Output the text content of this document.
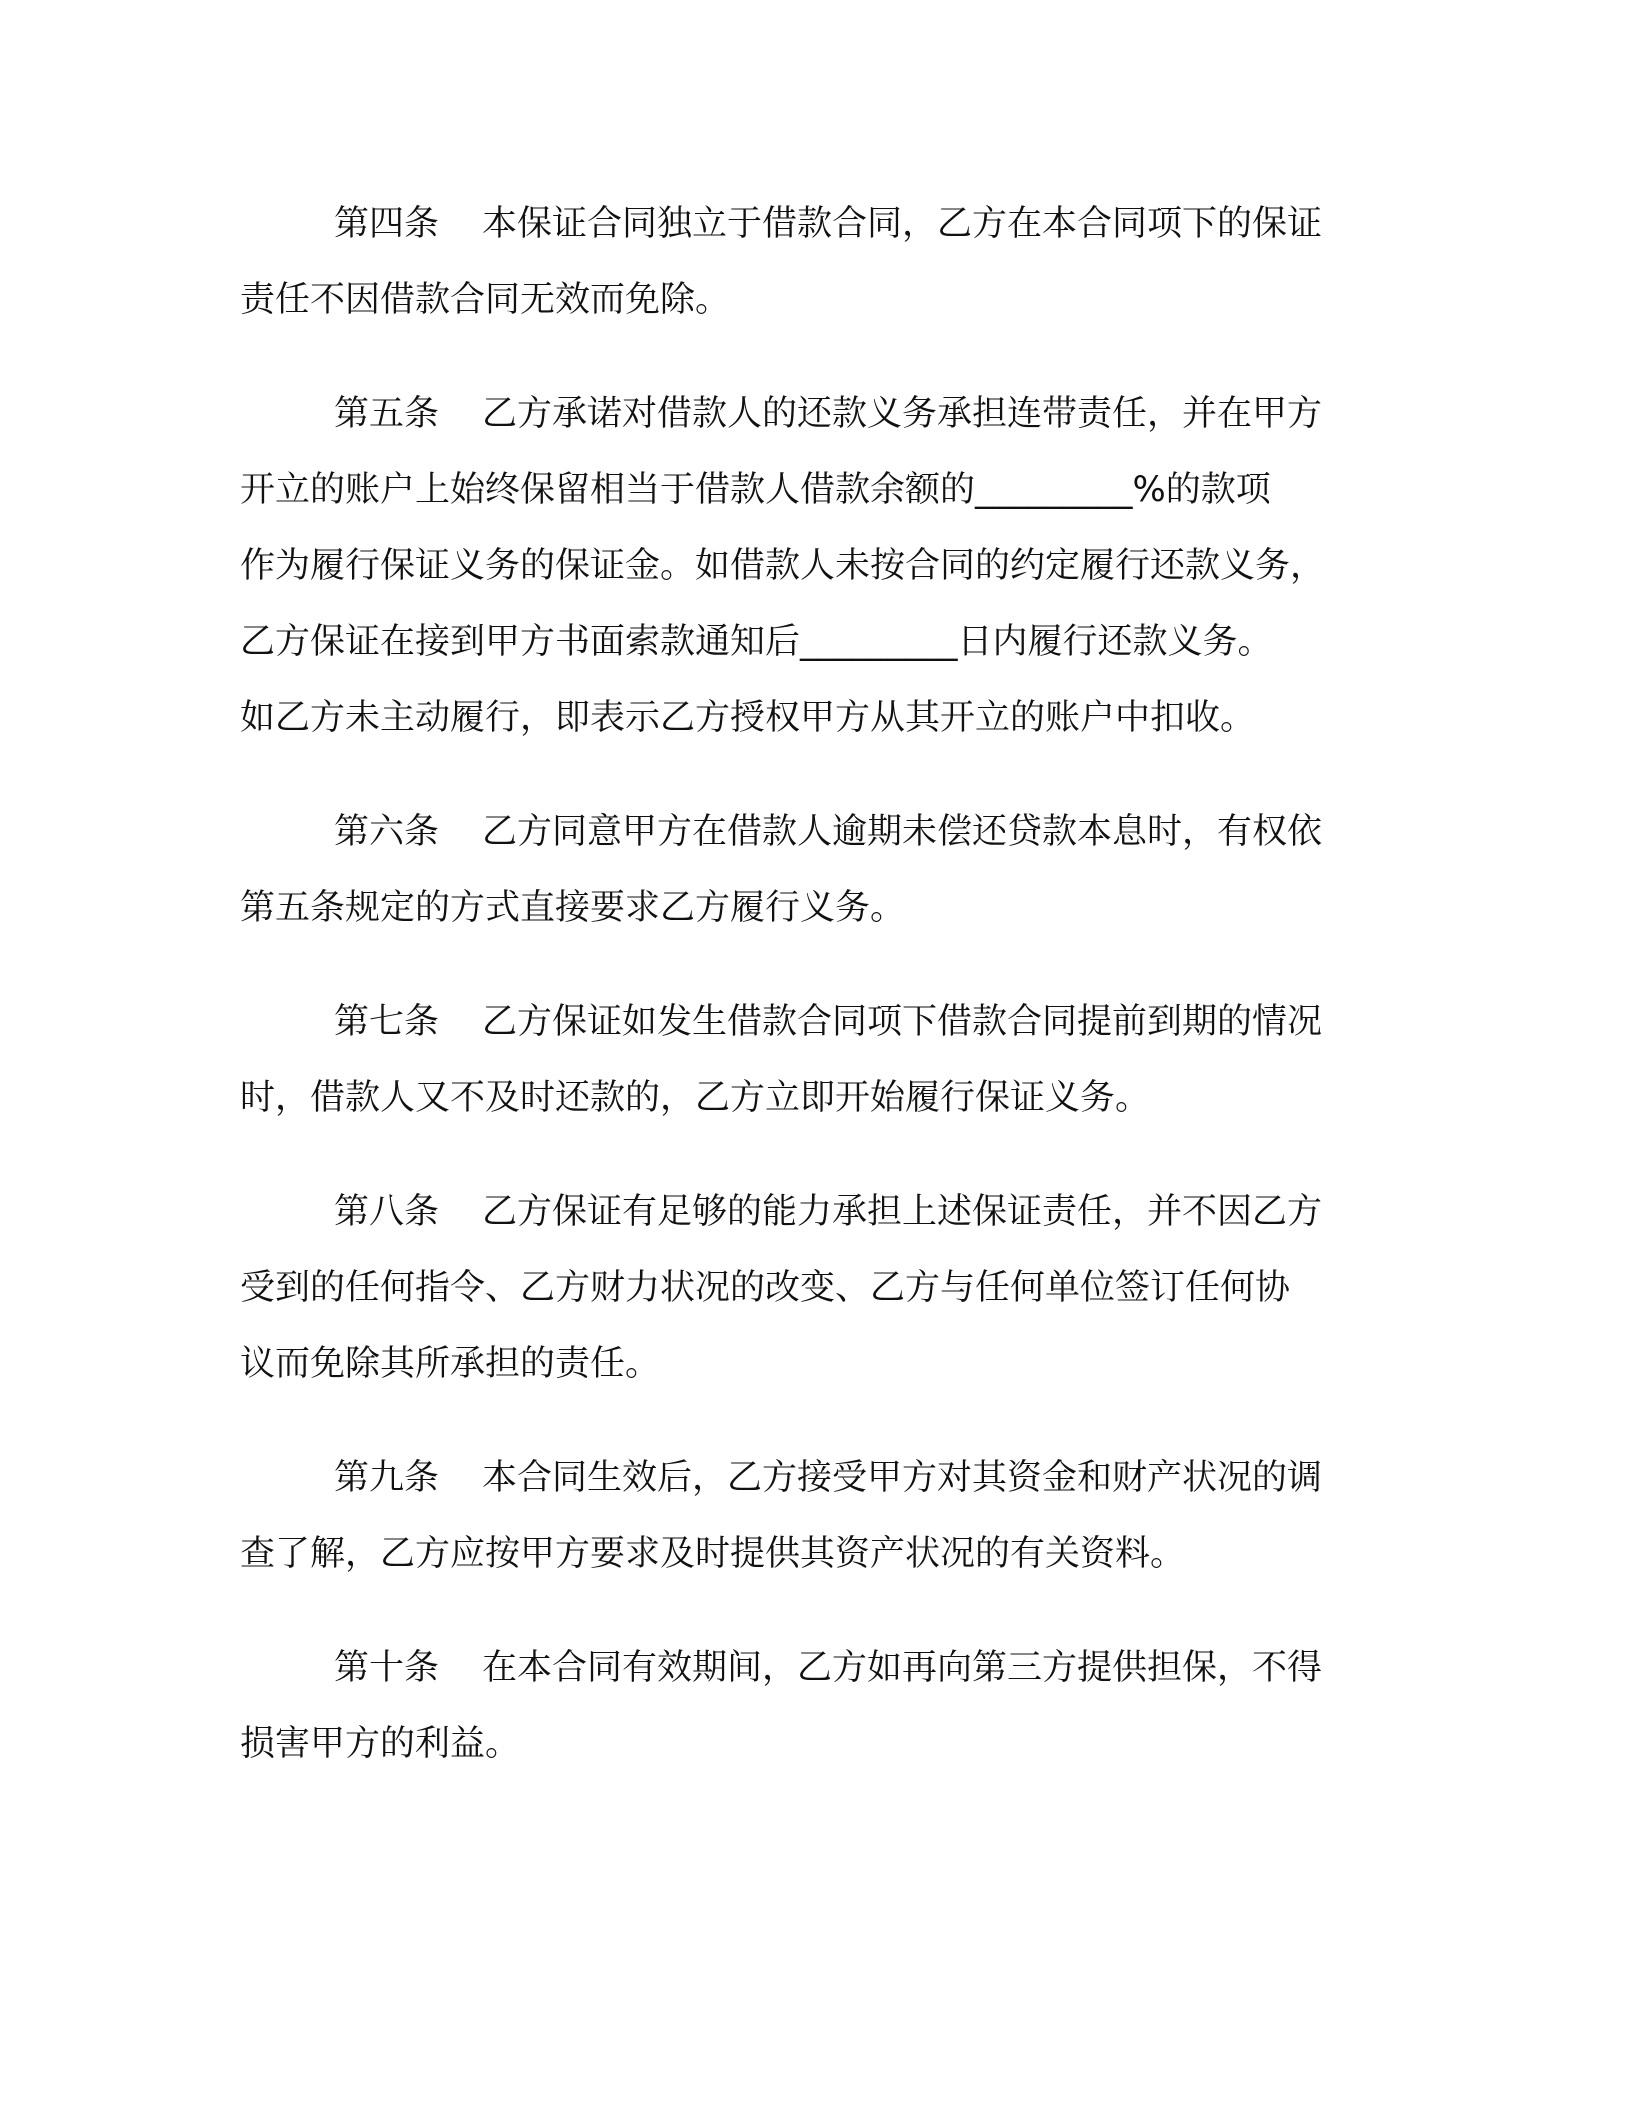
第四条 本保证合同独立于借款合同，乙方在本合同项下的保证
责任不因借款合同无效而免除。
第五条 乙方承诺对借款人的还款义务承担连带责任，并在甲方
开立的账户上始终保留相当于借款人借款余额的_________%的款项
作为履行保证义务的保证金。如借款人未按合同的约定履行还款义务，
乙方保证在接到甲方书面索款通知后_________日内履行还款义务。
如乙方未主动履行，即表示乙方授权甲方从其开立的账户中扣收。
第六条 乙方同意甲方在借款人逾期未偿还贷款本息时，有权依
第五条规定的方式直接要求乙方履行义务。
第七条 乙方保证如发生借款合同项下借款合同提前到期的情况
时，借款人又不及时还款的，乙方立即开始履行保证义务。
第八条 乙方保证有足够的能力承担上述保证责任，并不因乙方
受到的任何指令、乙方财力状况的改变、乙方与任何单位签订任何协
议而免除其所承担的责任。
第九条 本合同生效后，乙方接受甲方对其资金和财产状况的调
查了解，乙方应按甲方要求及时提供其资产状况的有关资料。
第十条 在本合同有效期间，乙方如再向第三方提供担保，不得
损害甲方的利益。
